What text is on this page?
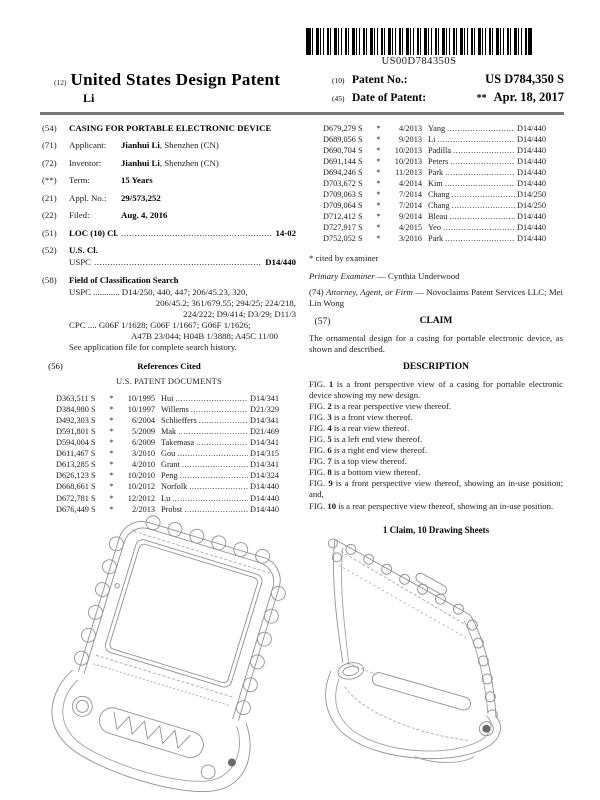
US00D784350S
(12) United States Design Patent
Li
(10) Patent No.:	US D784,350 S
(45) Date of Patent:	** Apr. 18, 2017
(54)	CASING FOR PORTABLE ELECTRONIC DEVICE
(71)	Applicant:	Jianhui Li, Shenzhen (CN)
(72)	Inventor:	Jianhui Li, Shenzhen (CN)
(**)	Term:	15 Years
(21)	Appl. No.:	29/573,252
(22)	Filed:	Aug. 4, 2016
(51)	LOC (10) Cl. .....	14-02
(52)	U.S. Cl.
USPC .....	D14/440
(58)	Field of Classification Search
USPC ............ D14/250, 440, 447; 206/45.23, 320,
206/45.2; 361/679.55; 294/25; 224/218,
224/222; D9/414; D3/29; D11/3
CPC .... G06F 1/1628; G06F 1/1667; G06F 1/1626;
A47B 23/044; H04B 1/3888; A45C 11/00
See application file for complete search history.
(56)	References Cited
U.S. PATENT DOCUMENTS
D363,511 S	*	10/1995 Hui .....	D14/341
D384,980 S	*	10/1997 Willems .....	D21/329
D492,303 S	*	6/2004 Schlieffers .....	D14/341
D591,801 S	*	5/2009 Mak .....	D21/469
D594,004 S	*	6/2009 Takemasa .....	D14/341
D611,467 S	*	3/2010 Gou .....	D14/315
D613,285 S	*	4/2010 Grant .....	D14/341
D626,123 S	*	10/2010 Peng .....	D14/324
D668,661 S	*	10/2012 Norfolk .....	D14/440
D672,781 S	*	12/2012 Lu .....	D14/440
D676,449 S	*	2/2013 Probst .....	D14/440
D679,279 S	*	4/2013 Yang .....	D14/440
D689,056 S	*	9/2013 Li .....	D14/440
D690,704 S	*	10/2013 Padilla .....	D14/440
D691,144 S	*	10/2013 Peters .....	D14/440
D694,246 S	*	11/2013 Park .....	D14/440
D703,672 S	*	4/2014 Kim .....	D14/440
D709,063 S	*	7/2014 Chang .....	D14/250
D709,064 S	*	7/2014 Chang .....	D14/250
D712,412 S	*	9/2014 Bleau .....	D14/440
D727,917 S	*	4/2015 Yeo .....	D14/440
D752,052 S	*	3/2016 Park .....	D14/440
* cited by examiner
Primary Examiner — Cynthia Underwood
(74) Attorney, Agent, or Firm — Novoclaims Patent Services LLC; Mei Lin Wong
(57)	CLAIM
The ornamental design for a casing for portable electronic device, as shown and described.
DESCRIPTION
FIG. 1 is a front perspective view of a casing for portable electronic device showing my new design.
FIG. 2 is a rear perspective view thereof.
FIG. 3 is a front view thereof.
FIG. 4 is a rear view thereof.
FIG. 5 is a left end view thereof.
FIG. 6 is a right end view thereof.
FIG. 7 is a top view thereof.
FIG. 8 is a bottom view thereof.
FIG. 9 is a front perspective view thereof, showing an in-use position; and,
FIG. 10 is a rear perspective view thereof, showing an in-use position.
1 Claim, 10 Drawing Sheets
